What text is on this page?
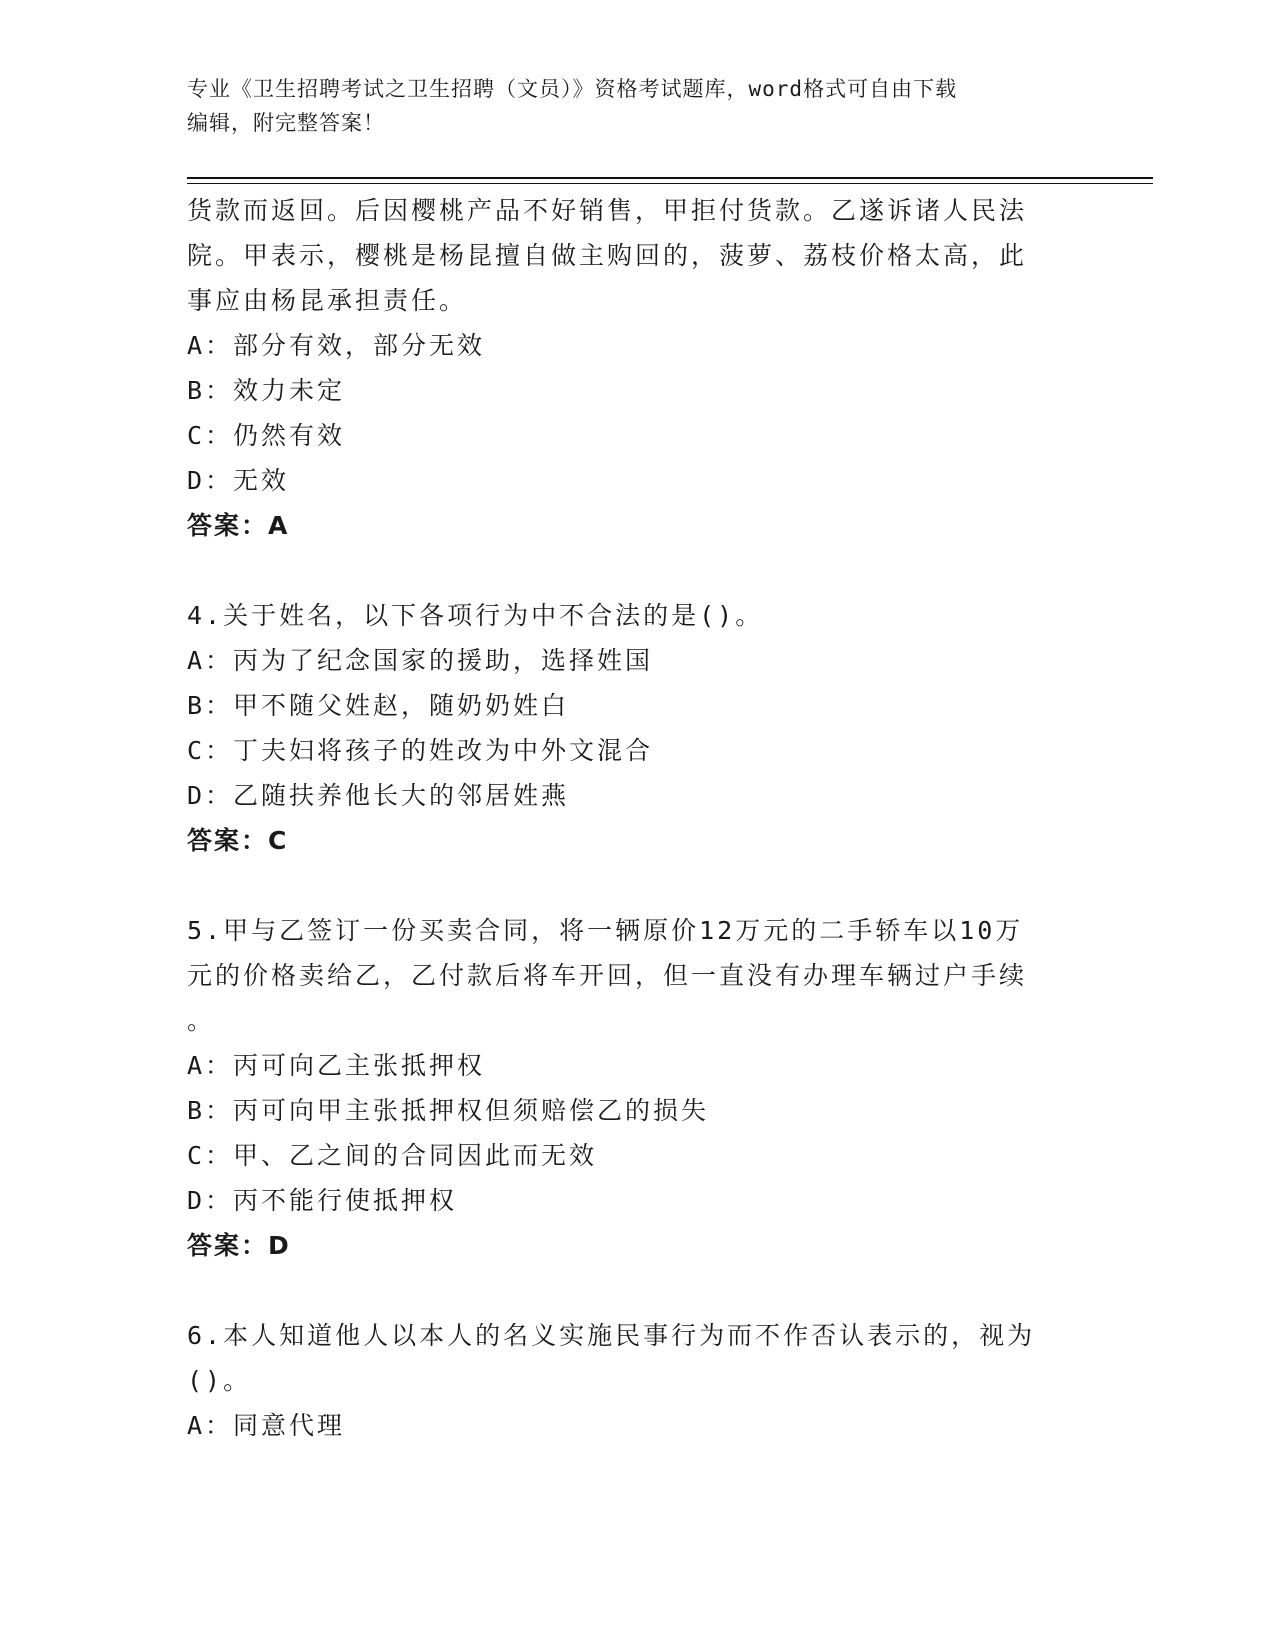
专业《卫生招聘考试之卫生招聘（文员）》资格考试题库，word格式可自由下载
编辑，附完整答案！

货款而返回。后因樱桃产品不好销售，甲拒付货款。乙遂诉诸人民法

院。甲表示，樱桃是杨昆擅自做主购回的，菠萝、荔枝价格太高，此

事应由杨昆承担责任。

A：部分有效，部分无效

B：效力未定

C：仍然有效

D：无效

答案：A

4.关于姓名，以下各项行为中不合法的是()。

A：丙为了纪念国家的援助，选择姓国

B：甲不随父姓赵，随奶奶姓白

C：丁夫妇将孩子的姓改为中外文混合

D：乙随扶养他长大的邻居姓燕

答案：C

5.甲与乙签订一份买卖合同，将一辆原价12万元的二手轿车以10万

元的价格卖给乙，乙付款后将车开回，但一直没有办理车辆过户手续

。

A：丙可向乙主张抵押权

B：丙可向甲主张抵押权但须赔偿乙的损失

C：甲、乙之间的合同因此而无效

D：丙不能行使抵押权

答案：D

6.本人知道他人以本人的名义实施民事行为而不作否认表示的，视为

()。

A：同意代理
